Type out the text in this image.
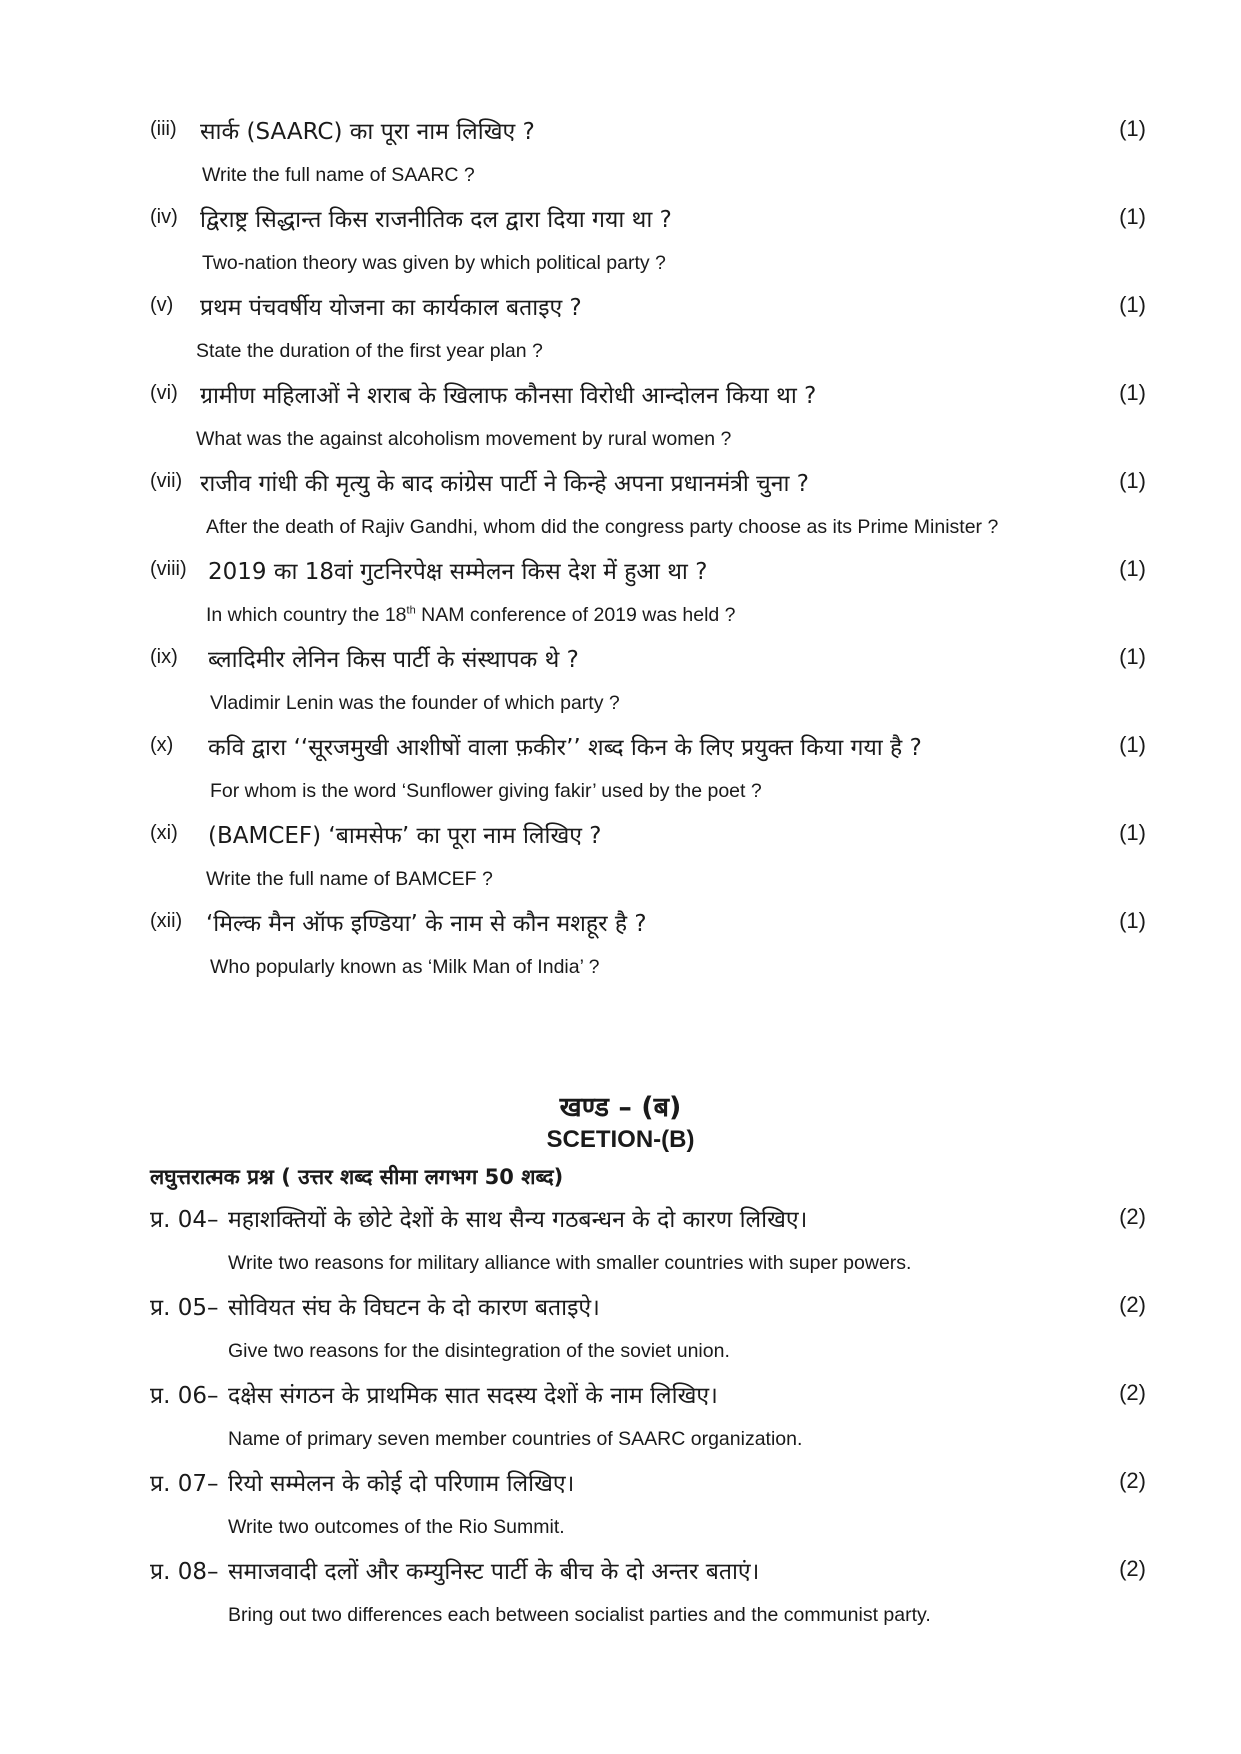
(iii) सार्क (SAARC) का पूरा नाम लिखिए ?	(1)
Write the full name of SAARC ?
(iv) द्विराष्ट्र सिद्धान्त किस राजनीतिक दल द्वारा दिया गया था ?	(1)
Two-nation theory was given by which political party ?
(v) प्रथम पंचवर्षीय योजना का कार्यकाल बताइए ?	(1)
State the duration of the first year plan ?
(vi) ग्रामीण महिलाओं ने शराब के खिलाफ कौनसा विरोधी आन्दोलन किया था ?	(1)
What was the against alcoholism movement by rural women ?
(vii) राजीव गांधी की मृत्यु के बाद कांग्रेस पार्टी ने किन्हे अपना प्रधानमंत्री चुना ?	(1)
After the death of Rajiv Gandhi, whom did the congress party choose as its Prime Minister ?
(viii) 2019 का 18वां गुटनिरपेक्ष सम्मेलन किस देश में हुआ था ?	(1)
In which country the 18th NAM conference of 2019 was held ?
(ix) ब्लादिमीर लेनिन किस पार्टी के संस्थापक थे ?	(1)
Vladimir Lenin was the founder of which party ?
(x) कवि द्वारा ‘‘सूरजमुखी आशीषों वाला फ़कीर’’ शब्द किन के लिए प्रयुक्त किया गया है ?	(1)
For whom is the word ‘Sunflower giving fakir’ used by the poet ?
(xi) (BAMCEF) ‘बामसेफ’ का पूरा नाम लिखिए ?	(1)
Write the full name of BAMCEF ?
(xii) ‘मिल्क मैन ऑफ इण्डिया’ के नाम से कौन मशहूर है ?	(1)
Who popularly known as ‘Milk Man of India’ ?
खण्ड – (ब)
SCETION-(B)
लघुत्तरात्मक प्रश्न ( उत्तर शब्द सीमा लगभग 50 शब्द)
प्र. 04– महाशक्तियों के छोटे देशों के साथ सैन्य गठबन्धन के दो कारण लिखिए।	(2)
Write two reasons for military alliance with smaller countries with super powers.
प्र. 05– सोवियत संघ के विघटन के दो कारण बताइऐ।	(2)
Give two reasons for the disintegration of the soviet union.
प्र. 06– दक्षेस संगठन के प्राथमिक सात सदस्य देशों के नाम लिखिए।	(2)
Name of primary seven member countries of SAARC organization.
प्र. 07– रियो सम्मेलन के कोई दो परिणाम लिखिए।	(2)
Write two outcomes of the Rio Summit.
प्र. 08– समाजवादी दलों और कम्युनिस्ट पार्टी के बीच के दो अन्तर बताएं।	(2)
Bring out two differences each between socialist parties and the communist party.
